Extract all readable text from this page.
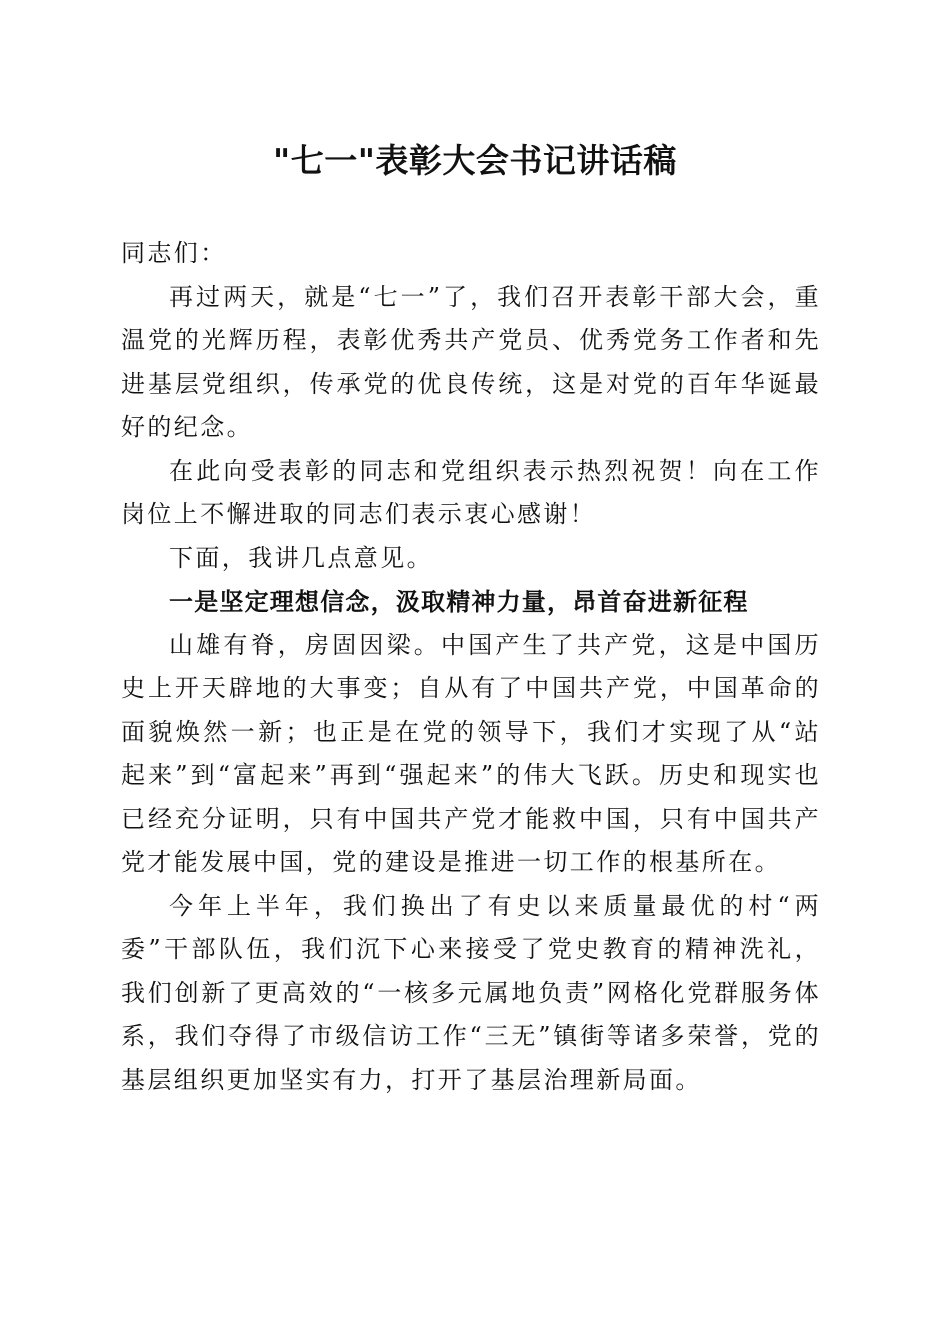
"七一"表彰大会书记讲话稿

同志们：

再过两天，就是“七一”了，我们召开表彰干部大会，重温党的光辉历程，表彰优秀共产党员、优秀党务工作者和先进基层党组织，传承党的优良传统，这是对党的百年华诞最好的纪念。

在此向受表彰的同志和党组织表示热烈祝贺！向在工作岗位上不懈进取的同志们表示衷心感谢！

下面，我讲几点意见。

一是坚定理想信念，汲取精神力量，昂首奋进新征程

山雄有脊，房固因梁。中国产生了共产党，这是中国历史上开天辟地的大事变；自从有了中国共产党，中国革命的面貌焕然一新；也正是在党的领导下，我们才实现了从“站起来”到“富起来”再到“强起来”的伟大飞跃。历史和现实也已经充分证明，只有中国共产党才能救中国，只有中国共产党才能发展中国，党的建设是推进一切工作的根基所在。

今年上半年，我们换出了有史以来质量最优的村“两委”干部队伍，我们沉下心来接受了党史教育的精神洗礼，我们创新了更高效的“一核多元属地负责”网格化党群服务体系，我们夺得了市级信访工作“三无”镇街等诸多荣誉，党的基层组织更加坚实有力，打开了基层治理新局面。
